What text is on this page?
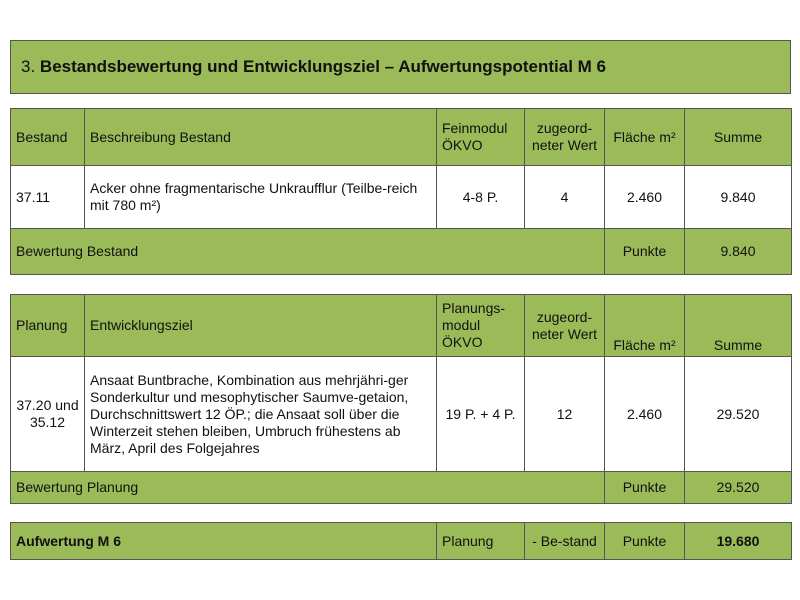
3.
Bestandsbewertung und Entwicklungsziel – Aufwertungspotential M 6
Bestand	Beschreibung Bestand	Feinmodul ÖKVO	zugeord-neter Wert	Fläche m²	Summe
37.11	Acker ohne fragmentarische Unkraufflur (Teilbe-reich mit 780 m²)	4-8 P.	4	2.460	9.840
Bewertung Bestand				Punkte	9.840
Planung	Entwicklungsziel	Planungs-modul ÖKVO	zugeord-neter Wert	Fläche m²	Summe
37.20 und 35.12	Ansaat Buntbrache, Kombination aus mehrjähri-ger Sonderkultur und mesophytischer Saumve-getaion, Durchschnittswert 12 ÖP.; die Ansaat soll über die Winterzeit stehen bleiben, Umbruch frühestens ab März, April des Folgejahres	19 P. + 4 P.	12	2.460	29.520
Bewertung Planung				Punkte	29.520
Aufwertung M 6	Planung	- Be-stand	Punkte	19.680
